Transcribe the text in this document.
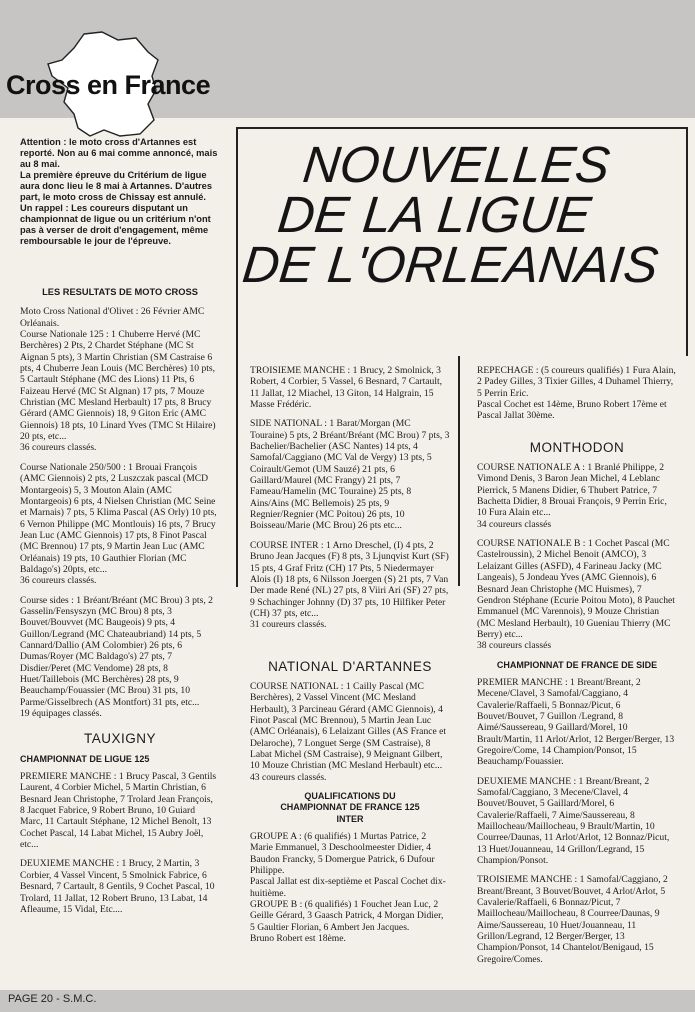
Cross en France
NOUVELLES
DE LA LIGUE
DE L'ORLEANAIS
Attention : le moto cross d'Artannes est reporté. Non au 6 mai comme annoncé, mais au 8 mai.
La première épreuve du Critérium de ligue aura donc lieu le 8 mai à Artannes. D'autres part, le moto cross de Chissay est annulé.
Un rappel : Les coureurs disputant un championnat de ligue ou un critérium n'ont pas à verser de droit d'engagement, même remboursable le jour de l'épreuve.
LES RESULTATS DE MOTO CROSS

Moto Cross National d'Olivet : 26 Février AMC Orléanais.

Course Nationale 125 : 1 Chuberre Hervé (MC Berchères) 2 Pts, 2 Chardet Stéphane (MC St Aignan 5 pts), 3 Martin Christian (SM Castraise 6 pts, 4 Chuberre Jean Louis (MC Berchères) 10 pts, 5 Cartault Stéphane (MC des Lions) 11 Pts, 6 Faizeau Hervé (MC St Algnan) 17 pts, 7 Mouze Christian (MC Mesland Herbault) 17 pts, 8 Brucy Gérard (AMC Giennois) 18, 9 Giton Eric (AMC Giennois) 18 pts, 10 Linard Yves (TMC St Hilaire) 20 pts, etc...

36 coureurs classés.

Course Nationale 250/500 : 1 Brouai François (AMC Giennois) 2 pts, 2 Luszczak pascal (MCD Montargeois) 5, 3 Mouton Alain (AMC Montargeois) 6 pts, 4 Nielsen Christian (MC Seine et Marnais) 7 pts, 5 Klima Pascal (AS Orly) 10 pts, 6 Vernon Philippe (MC Montlouis) 16 pts, 7 Brucy Jean Luc (AMC Giennois) 17 pts, 8 Finot Pascal (MC Brennou) 17 pts, 9 Martin Jean Luc (AMC Orléanais) 19 pts, 10 Gauthier Florian (MC Baldago's) 20pts, etc...

36 coureurs classés.

Course sides : 1 Bréant/Bréant (MC Brou) 3 pts, 2 Gasselin/Fensyszyn (MC Brou) 8 pts, 3 Bouvet/Bouvvet (MC Baugeois) 9 pts, 4 Guillon/Legrand (MC Chateaubriand) 14 pts, 5 Cannard/Dallio (AM Colombier) 26 pts, 6 Dumas/Royer (MC Baldago's) 27 pts, 7 Disdier/Peret (MC Vendome) 28 pts, 8 Huet/Taillebois (MC Berchères) 28 pts, 9 Beauchamp/Fouassier (MC Brou) 31 pts, 10 Parme/Gisselbrech (AS Montfort) 31 pts, etc...

19 équipages classés.

TAUXIGNY
CHAMPIONNAT DE LIGUE 125

PREMIERE MANCHE : 1 Brucy Pascal, 3 Gentils Laurent, 4 Corbier Michel, 5 Martin Christian, 6 Besnard Jean Christophe, 7 Trolard Jean François, 8 Jacquet Fabrice, 9 Robert Bruno, 10 Guiard Marc, 11 Cartault Stéphane, 12 Michel Benolt, 13 Cochet Pascal, 14 Labat Michel, 15 Aubry Joël, etc...

DEUXIEME MANCHE : 1 Brucy, 2 Martin, 3 Corbier, 4 Vassel Vincent, 5 Smolnick Fabrice, 6 Besnard, 7 Cartault, 8 Gentils, 9 Cochet Pascal, 10 Trolard, 11 Jallat, 12 Robert Bruno, 13 Labat, 14 Afleaume, 15 Vidal, Etc....

TROISIEME MANCHE : 1 Brucy, 2 Smolnick, 3 Robert, 4 Corbier, 5 Vassel, 6 Besnard, 7 Cartault, 11 Jallat, 12 Miachel, 13 Giton, 14 Halgrain, 15 Masse Frédéric.

SIDE NATIONAL : 1 Barat/Morgan (MC Touraine) 5 pts, 2 Bréant/Bréant (MC Brou) 7 pts, 3 Bachelier/Bachelier (ASC Nantes) 14 pts, 4 Samofal/Caggiano (MC Val de Vergy) 13 pts, 5 Coirault/Gemot (UM Sauzé) 21 pts, 6 Gaillard/Maurel (MC Frangy) 21 pts, 7 Fameau/Hamelin (MC Touraine) 25 pts, 8 Ains/Ains (MC Bellemois) 25 pts, 9 Regnier/Regnier (MC Poitou) 26 pts, 10 Boisseau/Marie (MC Brou) 26 pts etc...

COURSE INTER : 1 Arno Dreschel, (I) 4 pts, 2 Bruno Jean Jacques (F) 8 pts, 3 Ljunqvist Kurt (SF) 15 pts, 4 Graf Fritz (CH) 17 Pts, 5 Niedermayer Alois (I) 18 pts, 6 Nilsson Joergen (S) 21 pts, 7 Van Der made René (NL) 27 pts, 8 Viiri Ari (SF) 27 pts, 9 Schachinger Johnny (D) 37 pts, 10 Hilfiker Peter (CH) 37 pts, etc...

31 coureurs classés.

NATIONAL D'ARTANNES

COURSE NATIONAL : 1 Cailly Pascal (MC Berchères), 2 Vassel Vincent (MC Mesland Herbault), 3 Parcineau Gérard (AMC Giennois), 4 Finot Pascal (MC Brennou), 5 Martin Jean Luc (AMC Orléanais), 6 Lelaizant Gilles (AS France et Delaroche), 7 Longuet Serge (SM Castraise), 8 Labat Michel (SM Castraise), 9 Meignant Gilbert, 10 Mouze Christian (MC Mesland Herbault) etc...

43 coureurs classés.

QUALIFICATIONS DU CHAMPIONNAT DE FRANCE 125 INTER

GROUPE A : (6 qualifiés) 1 Murtas Patrice, 2 Marie Emmanuel, 3 Deschoolmeester Didier, 4 Baudon Francky, 5 Domergue Patrick, 6 Dufour Philippe.

Pascal Jallat est dix-septième et Pascal Cochet dix-huitième.

GROUPE B : (6 qualifiés) 1 Fouchet Jean Luc, 2 Geille Gérard, 3 Gaasch Patrick, 4 Morgan Didier, 5 Gaultier Florian, 6 Ambert Jen Jacques.

Bruno Robert est 18ème.

REPECHAGE : (5 coureurs qualifiés) 1 Fura Alain, 2 Padey Gilles, 3 Tixier Gilles, 4 Duhamel Thierry, 5 Perrin Eric.

Pascal Cochet est 14ème, Bruno Robert 17ème et Pascal Jallat 30ème.

MONTHODON

COURSE NATIONALE A : 1 Branlé Philippe, 2 Vimond Denis, 3 Baron Jean Michel, 4 Leblanc Pierrick, 5 Manens Didier, 6 Thubert Patrice, 7 Bachetta Didier, 8 Brouai François, 9 Perrin Eric, 10 Fura Alain etc...

34 coureurs classés

COURSE NATIONALE B : 1 Cochet Pascal (MC Castelroussin), 2 Michel Benoit (AMCO), 3 Lelaizant Gilles (ASFD), 4 Farineau Jacky (MC Langeais), 5 Jondeau Yves (AMC Giennois), 6 Besnard Jean Christophe (MC Huismes), 7 Gendron Stéphane (Ecurie Poitou Moto), 8 Pauchet Emmanuel (MC Varennois), 9 Mouze Christian (MC Mesland Herbault), 10 Gueniau Thierry (MC Berry) etc...

38 coureurs classés

CHAMPIONNAT DE FRANCE DE SIDE

PREMIER MANCHE : 1 Breant/Breant, 2 Mecene/Clavel, 3 Samofal/Caggiano, 4 Cavalerie/Raffaeli, 5 Bonnaz/Picut, 6 Bouvet/Bouvet, 7 Guillon /Legrand, 8 Aimé/Saussereau, 9 Gaillard/Morel, 10 Brault/Martin, 11 Arlot/Arlot, 12 Berger/Berger, 13 Gregoire/Come, 14 Champion/Ponsot, 15 Beauchamp/Fouassier.

DEUXIEME MANCHE : 1 Breant/Breant, 2 Samofal/Caggiano, 3 Mecene/Clavel, 4 Bouvet/Bouvet, 5 Gaillard/Morel, 6 Cavalerie/Raffaeli, 7 Aime/Saussereau, 8 Maillocheau/Maillocheau, 9 Brault/Martin, 10 Courree/Daunas, 11 Arlot/Arlot, 12 Bonnaz/Picut, 13 Huet/Jouanneau, 14 Grillon/Legrand, 15 Champion/Ponsot.

TROISIEME MANCHE : 1 Samofal/Caggiano, 2 Breant/Breant, 3 Bouvet/Bouvet, 4 Arlot/Arlot, 5 Cavalerie/Raffaeli, 6 Bonnaz/Picut, 7 Maillocheau/Maillocheau, 8 Courree/Daunas, 9 Aime/Saussereau, 10 Huet/Jouanneau, 11 Grillon/Legrand, 12 Berger/Berger, 13 Champion/Ponsot, 14 Chantelot/Benigaud, 15 Gregoire/Comes.

PAGE 20 - S.M.C.
